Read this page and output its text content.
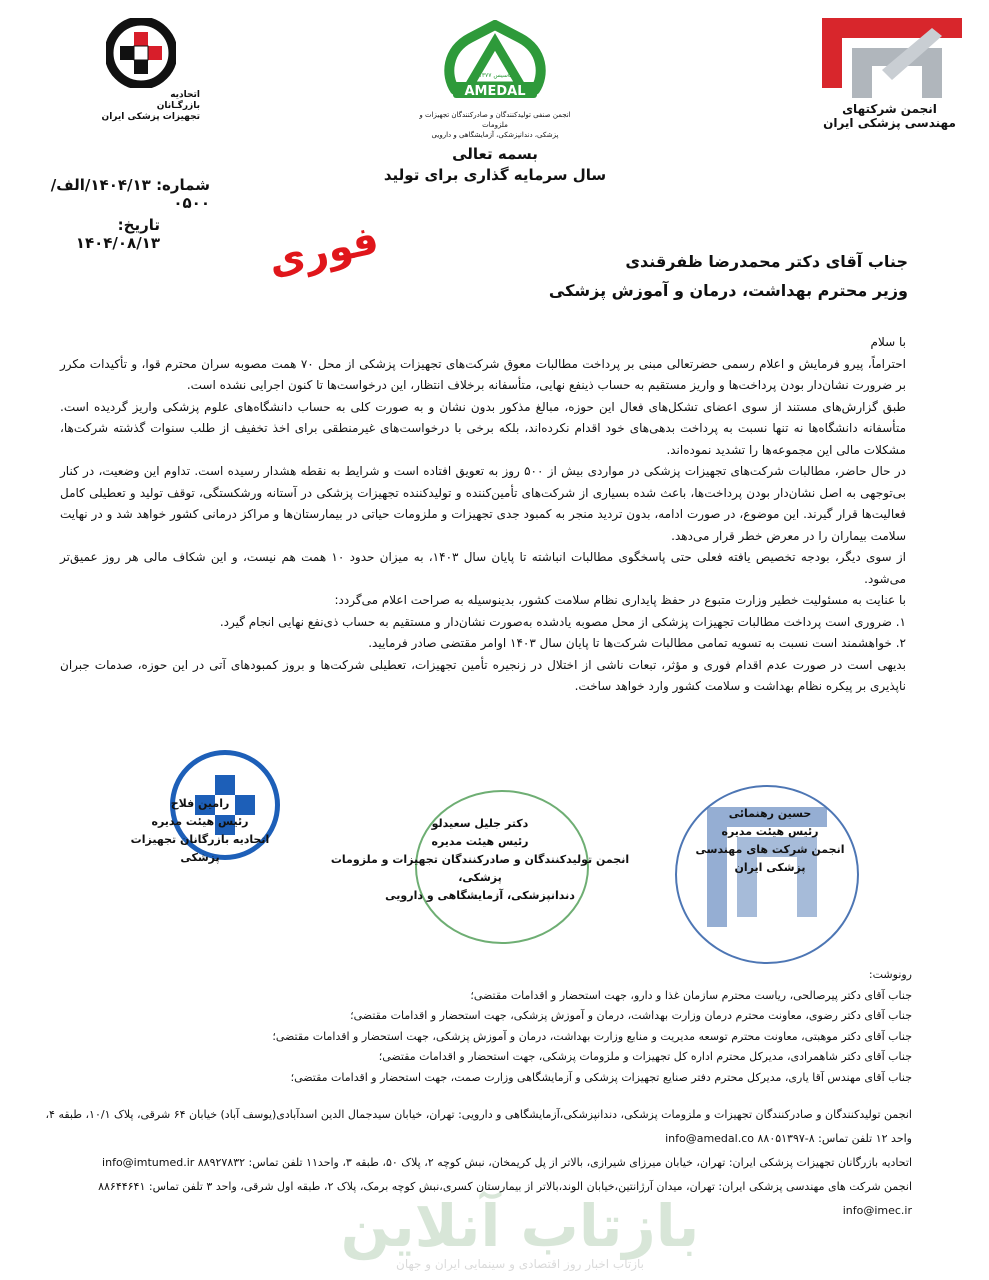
اتحادیه
بازرگـانان
تجهیزات پزشکی ایران
AMEDAL
تاسیس ۱۳۷۷
انجمن صنفی تولیدکنندگان و صادرکنندگان تجهیزات و ملزومات
پزشکی، دندانپزشکی، آزمایشگاهی و دارویی
انجمن شرکتهای
مهندسی پزشکی ایران
بسمه تعالی
سال سرمایه گذاری برای تولید
شماره: ۱۴۰۴/۱۳/الف/۰۵۰۰
تاریخ: ۱۴۰۴/۰۸/۱۳	فوری	جناب آقای دکتر محمدرضا ظفرقندی
وزیر محترم بهداشت، درمان و آموزش پزشکی

با سلام

احتراماً، پیرو فرمایش و اعلام رسمی حضرتعالی مبنی بر پرداخت مطالبات معوق شرکت‌های تجهیزات پزشکی از محل ۷۰ همت مصوبه سران محترم قوا، و تأکیدات مکرر بر ضرورت نشان‌دار بودن پرداخت‌ها و واریز مستقیم به حساب ذینفع نهایی، متأسفانه برخلاف انتظار، این درخواست‌ها تا کنون اجرایی نشده است.

طبق گزارش‌های مستند از سوی اعضای تشکل‌های فعال این حوزه، مبالغ مذکور بدون نشان و به صورت کلی به حساب دانشگاه‌های علوم پزشکی واریز گردیده است. متأسفانه دانشگاه‌ها نه تنها نسبت به پرداخت بدهی‌های خود اقدام نکرده‌اند، بلکه برخی با درخواست‌های غیرمنطقی برای اخذ تخفیف از طلب سنوات گذشته شرکت‌ها، مشکلات مالی این مجموعه‌ها را تشدید نموده‌اند.

در حال حاضر، مطالبات شرکت‌های تجهیزات پزشکی در مواردی بیش از ۵۰۰ روز به تعویق افتاده است و شرایط به نقطه هشدار رسیده است. تداوم این وضعیت، در کنار بی‌توجهی به اصل نشان‌دار بودن پرداخت‌ها، باعث شده بسیاری از شرکت‌های تأمین‌کننده و تولیدکننده تجهیزات پزشکی در آستانه ورشکستگی، توقف تولید و تعطیلی کامل فعالیت‌ها قرار گیرند. این موضوع، در صورت ادامه، بدون تردید منجر به کمبود جدی تجهیزات و ملزومات حیاتی در بیمارستان‌ها و مراکز درمانی کشور خواهد شد و در نهایت سلامت بیماران را در معرض خطر قرار می‌دهد.

از سوی دیگر، بودجه تخصیص یافته فعلی حتی پاسخگوی مطالبات انباشته تا پایان سال ۱۴۰۳، به میزان حدود ۱۰ همت هم نیست، و این شکاف مالی هر روز عمیق‌تر می‌شود.

با عنایت به مسئولیت خطیر وزارت متبوع در حفظ پایداری نظام سلامت کشور، بدینوسیله به صراحت اعلام می‌گردد:

۱. ضروری است پرداخت مطالبات تجهیزات پزشکی از محل مصوبه یادشده به‌صورت نشان‌دار و مستقیم به حساب ذی‌نفع نهایی انجام گیرد.

۲. خواهشمند است نسبت به تسویه تمامی مطالبات شرکت‌ها تا پایان سال ۱۴۰۳ اوامر مقتضی صادر فرمایید.

بدیهی است در صورت عدم اقدام فوری و مؤثر، تبعات ناشی از اختلال در زنجیره تأمین تجهیزات، تعطیلی شرکت‌ها و بروز کمبودهای آتی در این حوزه، صدمات جبران ناپذیری بر پیکره نظام بهداشت و سلامت کشور وارد خواهد ساخت.

رامین فلاح
رئیس هیئت مدیره
اتحادیه بازرگانان تجهیزات
پزشکی
دکتر جلیل سعیدلو
رئیس هیئت مدیره
انجمن تولیدکنندگان و صادرکنندگان تجهیزات و ملزومات پزشکی،
دندانپزشکی، آزمایشگاهی و دارویی
حسین رهنمائی
رئیس هیئت مدیره
انجمن شرکت های مهندسی
پزشکی ایران
رونوشت:
جناب آقای دکتر پیرصالحی، ریاست محترم سازمان غذا و دارو، جهت استحضار و اقدامات مقتضی؛
جناب آقای دکتر رضوی، معاونت محترم درمان وزارت بهداشت، درمان و آموزش پزشکی، جهت استحضار و اقدامات مقتضی؛
جناب آقای دکتر موهبتی، معاونت محترم توسعه مدیریت و منابع وزارت بهداشت، درمان و آموزش پزشکی، جهت استحضار و اقدامات مقتضی؛
جناب آقای دکتر شاهمرادی، مدیرکل محترم اداره کل تجهیزات و ملزومات پزشکی، جهت استحضار و اقدامات مقتضی؛
جناب آقای مهندس آقا یاری، مدیرکل محترم دفتر صنایع تجهیزات پزشکی و آزمایشگاهی وزارت صمت، جهت استحضار و اقدامات مقتضی؛
انجمن تولیدکنندگان و صادرکنندگان تجهیزات و ملزومات پزشکی، دندانپزشکی،آزمایشگاهی و دارویی: تهران، خیابان سیدجمال الدین اسدآبادی(یوسف آباد) خیابان ۶۴ شرقی، پلاک ۱۰/۱، طبقه ۴،
واحد ۱۲ تلفن تماس: ۸-۸۸۰۵۱۳۹۷ info@amedal.co
اتحادیه بازرگانان تجهیزات پزشکی ایران: تهران، خیابان میرزای شیرازی، بالاتر از پل کریمخان، نبش کوچه ۲، پلاک ۵۰، طبقه ۳، واحد۱۱ تلفن تماس: ۸۸۹۲۷۸۳۲ info@imtumed.ir
انجمن شرکت های مهندسی پزشکی ایران: تهران، میدان آرژانتین،خیابان الوند،بالاتر از بیمارستان کسری،نبش کوچه برمک، پلاک ۲، طبقه اول شرقی، واحد ۳ تلفن تماس: ۸۸۶۴۴۶۴۱
info@imec.ir
بازتاب آنلاین
بازتاب اخبار روز اقتصادی و سینمایی ایران و جهان
